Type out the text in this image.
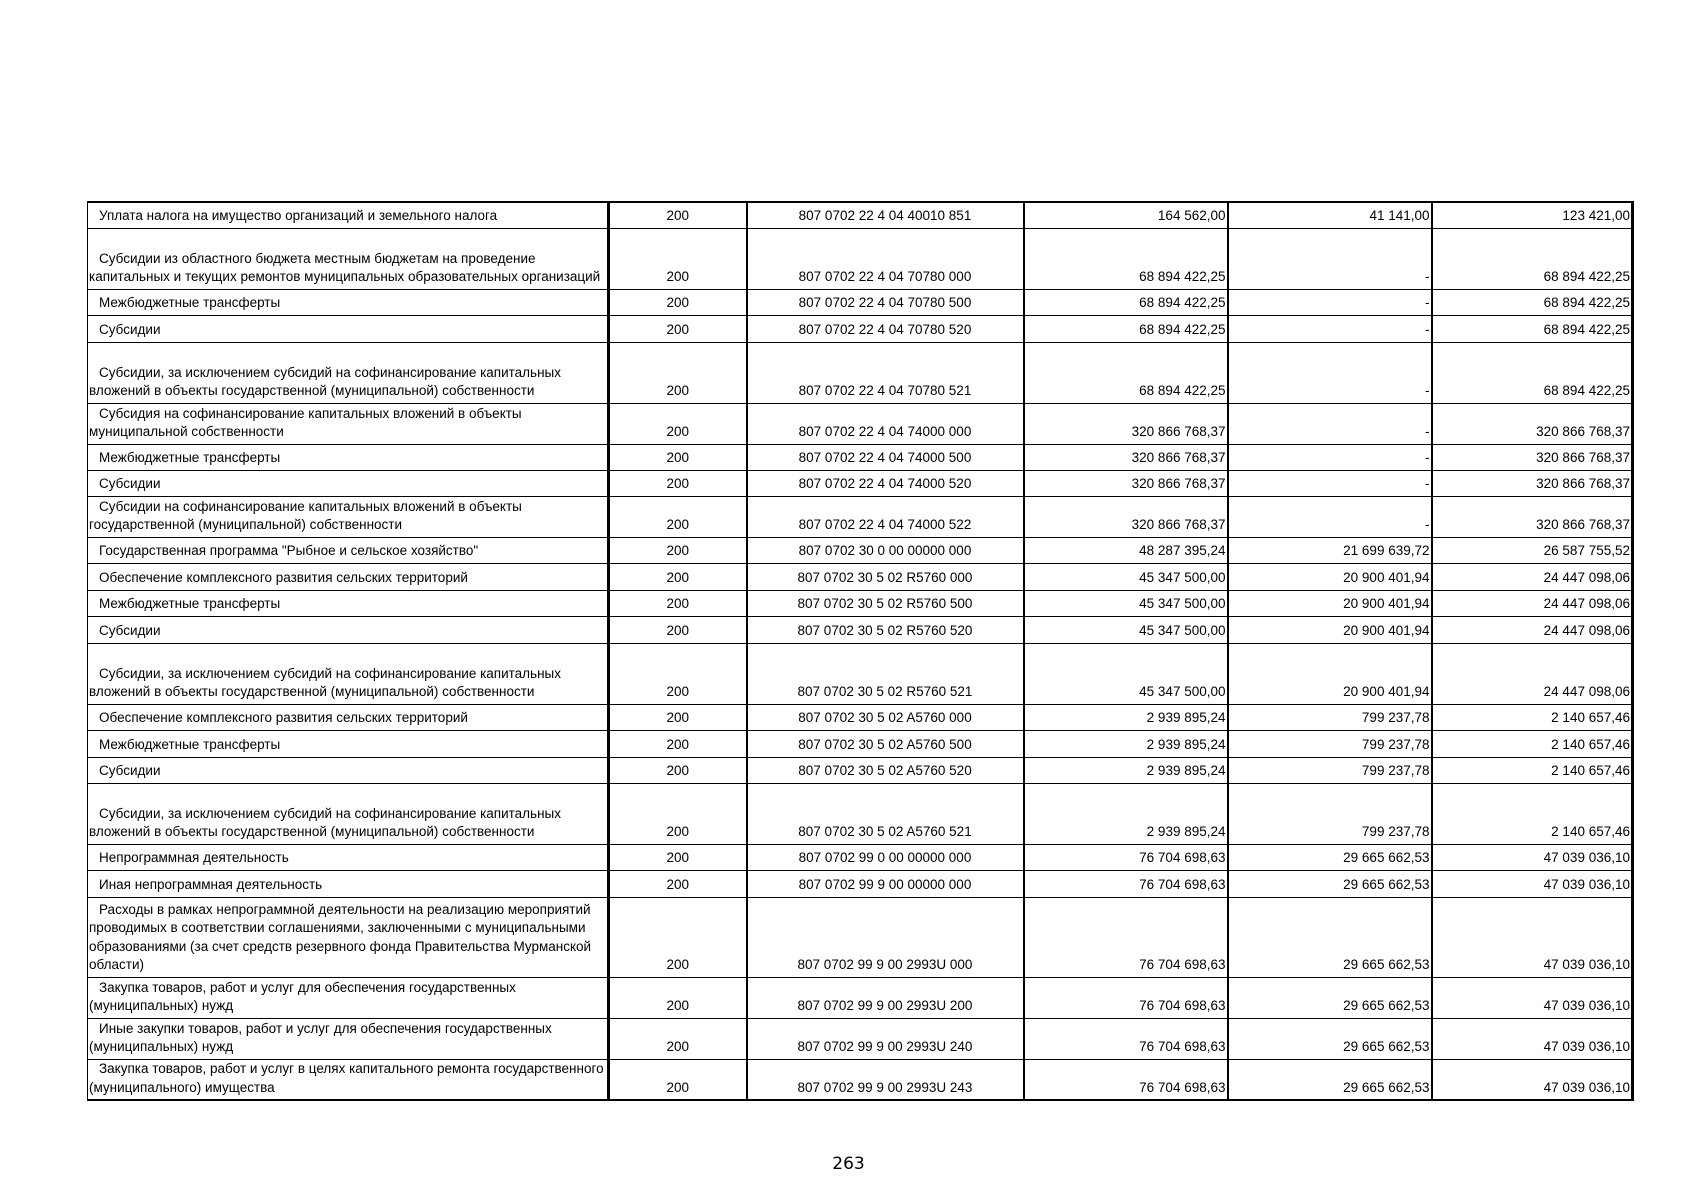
Уплата налога на имущество организаций и земельного налога	200	807 0702 22 4 04 40010 851	164 562,00	41 141,00	123 421,00

Субсидии из областного бюджета местным бюджетам на проведение капитальных и текущих ремонтов муниципальных образовательных организаций	200	807 0702 22 4 04 70780 000	68 894 422,25	-	68 894 422,25

Межбюджетные трансферты	200	807 0702 22 4 04 70780 500	68 894 422,25	-	68 894 422,25

Субсидии	200	807 0702 22 4 04 70780 520	68 894 422,25	-	68 894 422,25

Субсидии, за исключением субсидий на софинансирование капитальных вложений в объекты государственной (муниципальной) собственности	200	807 0702 22 4 04 70780 521	68 894 422,25	-	68 894 422,25

Субсидия на софинансирование капитальных вложений в объекты муниципальной собственности	200	807 0702 22 4 04 74000 000	320 866 768,37	-	320 866 768,37

Межбюджетные трансферты	200	807 0702 22 4 04 74000 500	320 866 768,37	-	320 866 768,37

Субсидии	200	807 0702 22 4 04 74000 520	320 866 768,37	-	320 866 768,37

Субсидии на софинансирование капитальных вложений в объекты государственной (муниципальной) собственности	200	807 0702 22 4 04 74000 522	320 866 768,37	-	320 866 768,37

Государственная программа "Рыбное и сельское хозяйство"	200	807 0702 30 0 00 00000 000	48 287 395,24	21 699 639,72	26 587 755,52

Обеспечение комплексного развития сельских территорий	200	807 0702 30 5 02 R5760 000	45 347 500,00	20 900 401,94	24 447 098,06

Межбюджетные трансферты	200	807 0702 30 5 02 R5760 500	45 347 500,00	20 900 401,94	24 447 098,06

Субсидии	200	807 0702 30 5 02 R5760 520	45 347 500,00	20 900 401,94	24 447 098,06

Субсидии, за исключением субсидий на софинансирование капитальных вложений в объекты государственной (муниципальной) собственности	200	807 0702 30 5 02 R5760 521	45 347 500,00	20 900 401,94	24 447 098,06

Обеспечение комплексного развития сельских территорий	200	807 0702 30 5 02 A5760 000	2 939 895,24	799 237,78	2 140 657,46

Межбюджетные трансферты	200	807 0702 30 5 02 A5760 500	2 939 895,24	799 237,78	2 140 657,46

Субсидии	200	807 0702 30 5 02 A5760 520	2 939 895,24	799 237,78	2 140 657,46

Субсидии, за исключением субсидий на софинансирование капитальных вложений в объекты государственной (муниципальной) собственности	200	807 0702 30 5 02 A5760 521	2 939 895,24	799 237,78	2 140 657,46

Непрограммная деятельность	200	807 0702 99 0 00 00000 000	76 704 698,63	29 665 662,53	47 039 036,10

Иная непрограммная деятельность	200	807 0702 99 9 00 00000 000	76 704 698,63	29 665 662,53	47 039 036,10

Расходы в рамках непрограммной деятельности на реализацию мероприятий проводимых в соответствии соглашениями, заключенными с муниципальными образованиями (за счет средств резервного фонда Правительства Мурманской области)	200	807 0702 99 9 00 2993U 000	76 704 698,63	29 665 662,53	47 039 036,10

Закупка товаров, работ и услуг для обеспечения государственных (муниципальных) нужд	200	807 0702 99 9 00 2993U 200	76 704 698,63	29 665 662,53	47 039 036,10

Иные закупки товаров, работ и услуг для обеспечения государственных (муниципальных) нужд	200	807 0702 99 9 00 2993U 240	76 704 698,63	29 665 662,53	47 039 036,10

Закупка товаров, работ и услуг в целях капитального ремонта государственного (муниципального) имущества	200	807 0702 99 9 00 2993U 243	76 704 698,63	29 665 662,53	47 039 036,10
263
